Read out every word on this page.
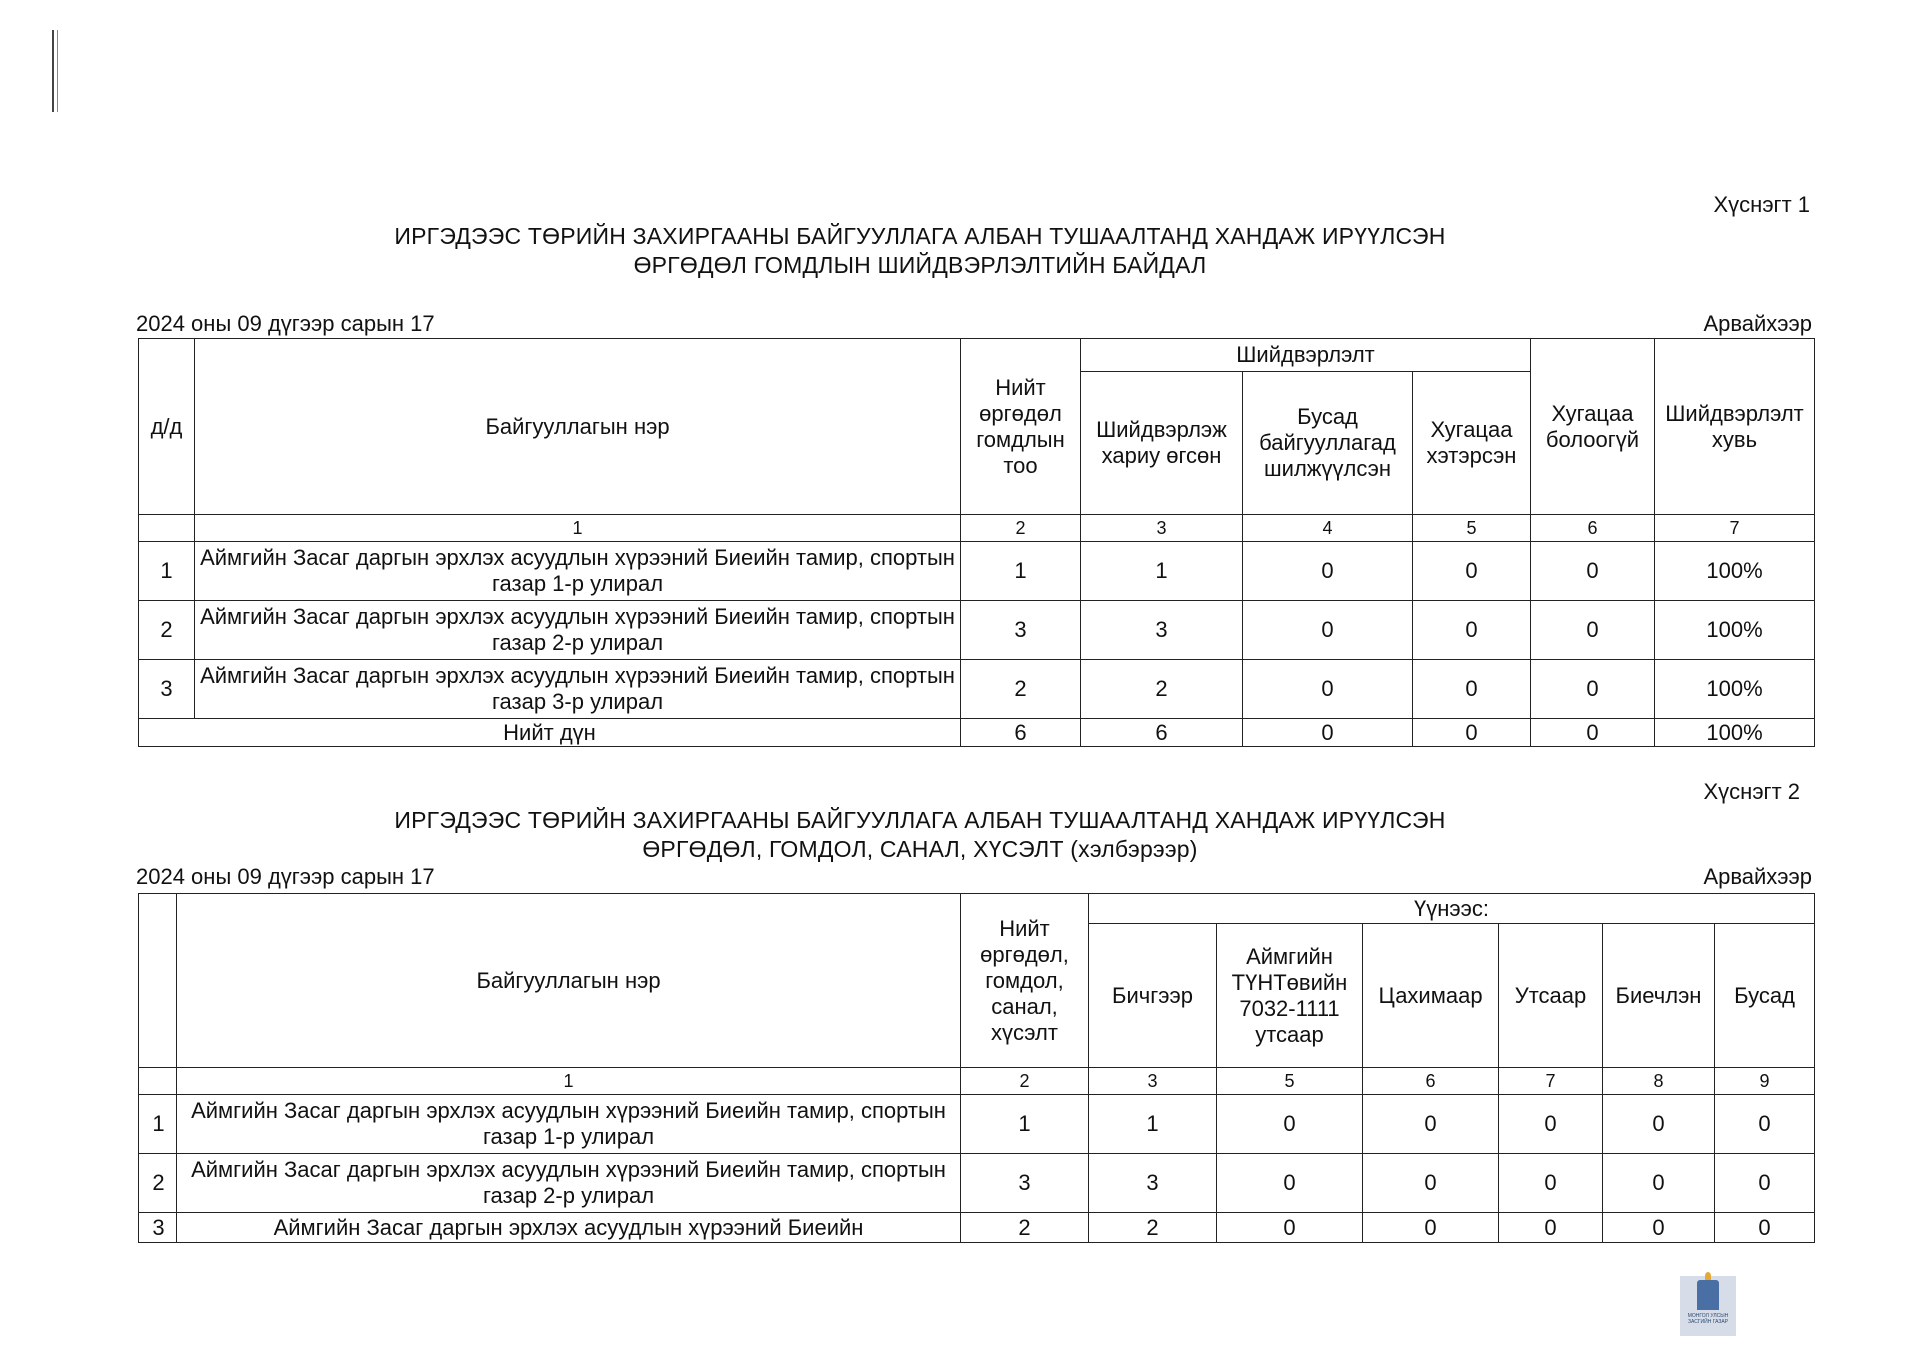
Хүснэгт 1
ИРГЭДЭЭС ТӨРИЙН ЗАХИРГААНЫ БАЙГУУЛЛАГА АЛБАН ТУШААЛТАНД ХАНДАЖ ИРҮҮЛСЭН
ӨРГӨДӨЛ ГОМДЛЫН ШИЙДВЭРЛЭЛТИЙН БАЙДАЛ
2024 оны 09 дүгээр сарын 17	Арвайхээр
д/д	Байгууллагын нэр	Нийт өргөдөл гомдлын тоо	Шийдвэрлэлт			Хугацаа болоогүй	Шийдвэрлэлт хувь
			Шийдвэрлэж хариу өгсөн	Бусад байгууллагад шилжүүлсэн	Хугацаа хэтэрсэн		
	1	2	3	4	5	6	7
1	Аймгийн Засаг даргын эрхлэх асуудлын хүрээний Биеийн тамир, спортын газар 1-р улирал	1	1	0	0	0	100%
2	Аймгийн Засаг даргын эрхлэх асуудлын хүрээний Биеийн тамир, спортын газар 2-р улирал	3	3	0	0	0	100%
3	Аймгийн Засаг даргын эрхлэх асуудлын хүрээний Биеийн тамир, спортын газар 3-р улирал	2	2	0	0	0	100%
Нийт дүн		6	6	0	0	0	100%
Хүснэгт 2
ИРГЭДЭЭС ТӨРИЙН ЗАХИРГААНЫ БАЙГУУЛЛАГА АЛБАН ТУШААЛТАНД ХАНДАЖ ИРҮҮЛСЭН
ӨРГӨДӨЛ, ГОМДОЛ, САНАЛ, ХҮСЭЛТ (хэлбэрээр)
2024 оны 09 дүгээр сарын 17	Арвайхээр
	Байгууллагын нэр	Нийт өргөдөл, гомдол, санал, хүсэлт	Үүнээс:					
			Бичгээр	Аймгийн ТҮНТөвийн 7032-1111 утсаар	Цахимаар	Утсаар	Биечлэн	Бусад
	1	2	3	5	6	7	8	9
1	Аймгийн Засаг даргын эрхлэх асуудлын хүрээний Биеийн тамир, спортын газар 1-р улирал	1	1	0	0	0	0	0
2	Аймгийн Засаг даргын эрхлэх асуудлын хүрээний Биеийн тамир, спортын газар 2-р улирал	3	3	0	0	0	0	0
3	Аймгийн Засаг даргын эрхлэх асуудлын хүрээний Биеийн	2	2	0	0	0	0	0
МОНГОЛ УЛСЫН ЗАСГИЙН ГАЗАР
